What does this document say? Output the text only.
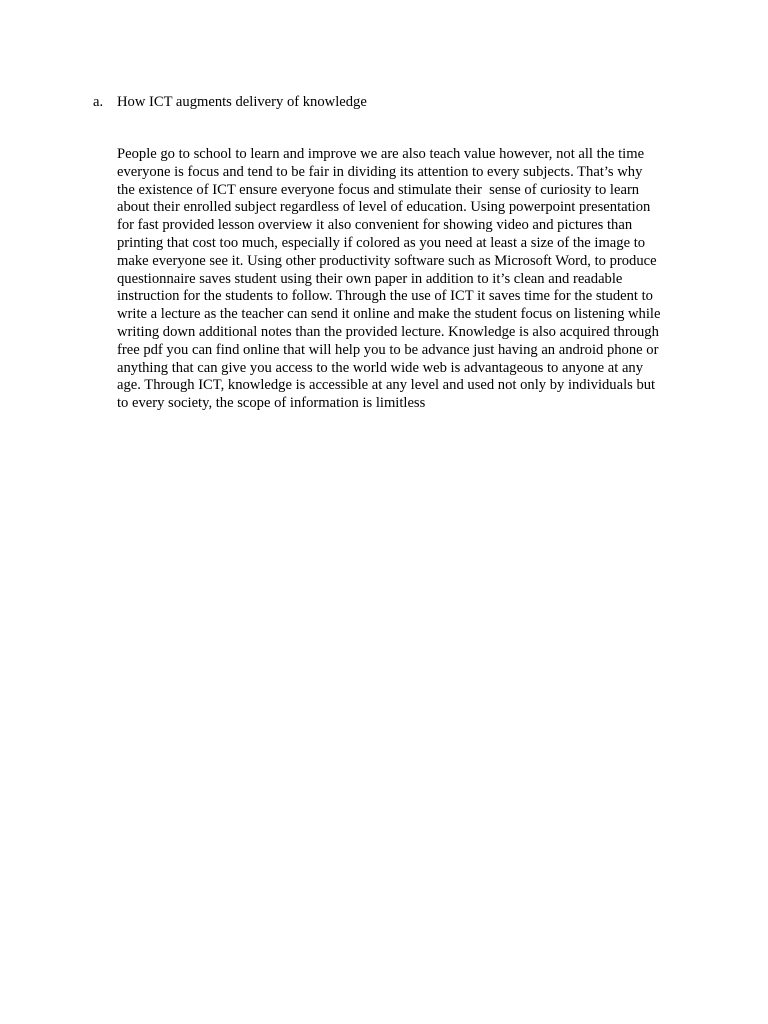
a. How ICT augments delivery of knowledge
People go to school to learn and improve we are also teach value however, not all the time
everyone is focus and tend to be fair in dividing its attention to every subjects. That’s why
the existence of ICT ensure everyone focus and stimulate their  sense of curiosity to learn
about their enrolled subject regardless of level of education. Using powerpoint presentation
for fast provided lesson overview it also convenient for showing video and pictures than
printing that cost too much, especially if colored as you need at least a size of the image to
make everyone see it. Using other productivity software such as Microsoft Word, to produce
questionnaire saves student using their own paper in addition to it’s clean and readable
instruction for the students to follow. Through the use of ICT it saves time for the student to
write a lecture as the teacher can send it online and make the student focus on listening while
writing down additional notes than the provided lecture. Knowledge is also acquired through
free pdf you can find online that will help you to be advance just having an android phone or
anything that can give you access to the world wide web is advantageous to anyone at any
age. Through ICT, knowledge is accessible at any level and used not only by individuals but
to every society, the scope of information is limitless
